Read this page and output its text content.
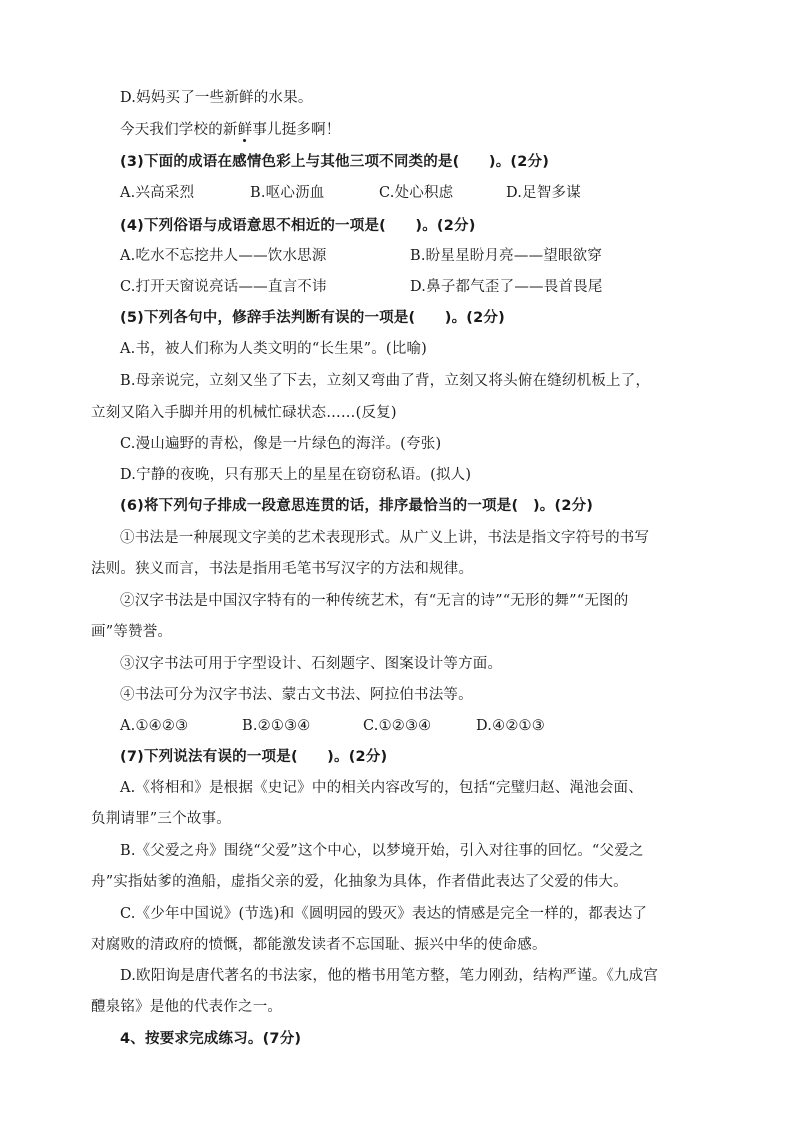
D.妈妈买了一些新鲜的水果。
今天我们学校的新鲜事儿挺多啊！
(3)下面的成语在感情色彩上与其他三项不同类的是(　　)。(2分)
A.兴高采烈	B.呕心沥血	C.处心积虑	D.足智多谋
(4)下列俗语与成语意思不相近的一项是(　　)。(2分)
A.吃水不忘挖井人——饮水思源	B.盼星星盼月亮——望眼欲穿
C.打开天窗说亮话——直言不讳	D.鼻子都气歪了——畏首畏尾
(5)下列各句中，修辞手法判断有误的一项是(　　)。(2分)
A.书，被人们称为人类文明的“长生果”。(比喻)
B.母亲说完，立刻又坐了下去，立刻又弯曲了背，立刻又将头俯在缝纫机板上了，
立刻又陷入手脚并用的机械忙碌状态……(反复)
C.漫山遍野的青松，像是一片绿色的海洋。(夸张)
D.宁静的夜晚，只有那天上的星星在窃窃私语。(拟人)
(6)将下列句子排成一段意思连贯的话，排序最恰当的一项是(　)。(2分)
①书法是一种展现文字美的艺术表现形式。从广义上讲，书法是指文字符号的书写
法则。狭义而言，书法是指用毛笔书写汉字的方法和规律。
②汉字书法是中国汉字特有的一种传统艺术，有“无言的诗”“无形的舞”“无图的
画”等赞誉。
③汉字书法可用于字型设计、石刻题字、图案设计等方面。
④书法可分为汉字书法、蒙古文书法、阿拉伯书法等。
A.①④②③	B.②①③④	C.①②③④	D.④②①③
(7)下列说法有误的一项是(　　)。(2分)
A.《将相和》是根据《史记》中的相关内容改写的，包括“完璧归赵、渑池会面、
负荆请罪”三个故事。
B.《父爱之舟》围绕“父爱”这个中心，以梦境开始，引入对往事的回忆。“父爱之
舟”实指姑爹的渔船，虚指父亲的爱，化抽象为具体，作者借此表达了父爱的伟大。
C.《少年中国说》(节选)和《圆明园的毁灭》表达的情感是完全一样的，都表达了
对腐败的清政府的愤慨，都能激发读者不忘国耻、振兴中华的使命感。
D.欧阳询是唐代著名的书法家，他的楷书用笔方整，笔力刚劲，结构严谨。《九成宫
醴泉铭》是他的代表作之一。
4、按要求完成练习。(7分)
